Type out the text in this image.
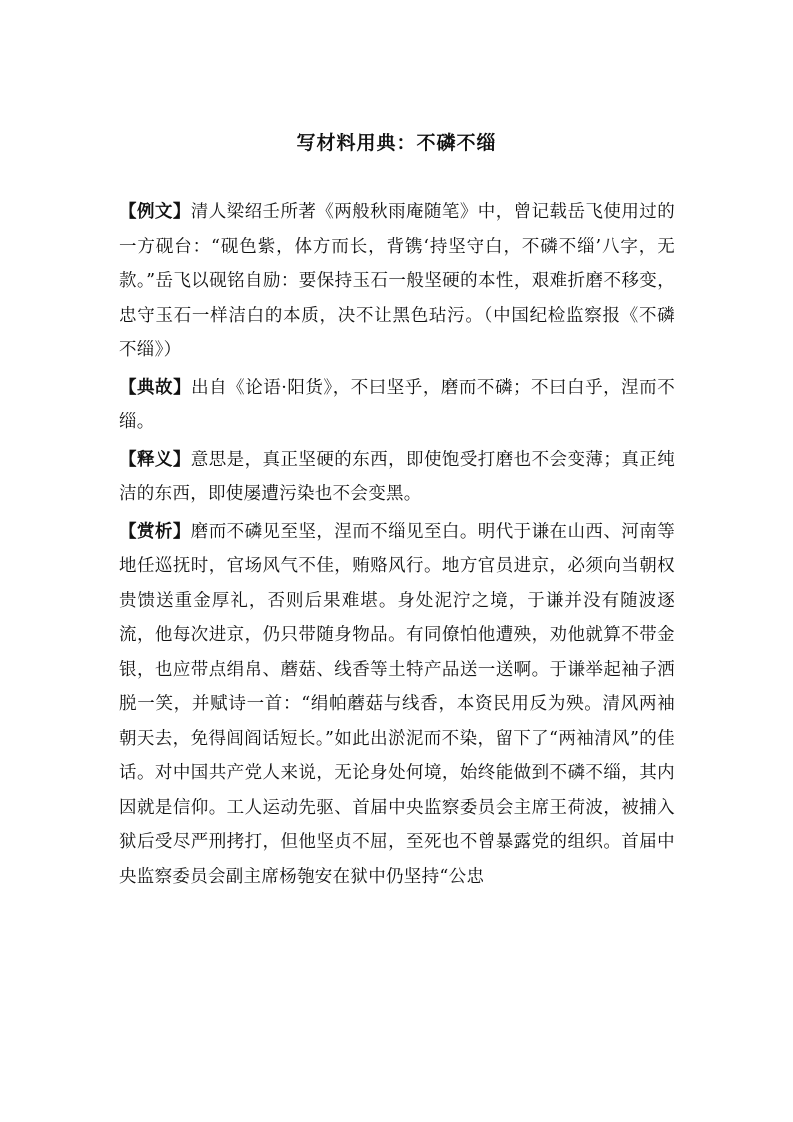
写材料用典：不磷不缁

【例文】清人梁绍壬所著《两般秋雨庵随笔》中，曾记载岳飞使用过的一方砚台：“砚色紫，体方而长，背镌‘持坚守白，不磷不缁’八字，无款。”岳飞以砚铭自励：要保持玉石一般坚硬的本性，艰难折磨不移变，忠守玉石一样洁白的本质，决不让黑色玷污。（中国纪检监察报《不磷不缁》）

【典故】出自《论语·阳货》，不曰坚乎，磨而不磷；不曰白乎，涅而不缁。

【释义】意思是，真正坚硬的东西，即使饱受打磨也不会变薄；真正纯洁的东西，即使屡遭污染也不会变黑。

【赏析】磨而不磷见至坚，涅而不缁见至白。明代于谦在山西、河南等地任巡抚时，官场风气不佳，贿赂风行。地方官员进京，必须向当朝权贵馈送重金厚礼，否则后果难堪。身处泥泞之境，于谦并没有随波逐流，他每次进京，仍只带随身物品。有同僚怕他遭殃，劝他就算不带金银，也应带点绢帛、蘑菇、线香等土特产品送一送啊。于谦举起袖子洒脱一笑，并赋诗一首：“绢帕蘑菇与线香，本资民用反为殃。清风两袖朝天去，免得闾阎话短长。”如此出淤泥而不染，留下了“两袖清风”的佳话。对中国共产党人来说，无论身处何境，始终能做到不磷不缁，其内因就是信仰。工人运动先驱、首届中央监察委员会主席王荷波，被捕入狱后受尽严刑拷打，但他坚贞不屈，至死也不曾暴露党的组织。首届中央监察委员会副主席杨匏安在狱中仍坚持“公忠
